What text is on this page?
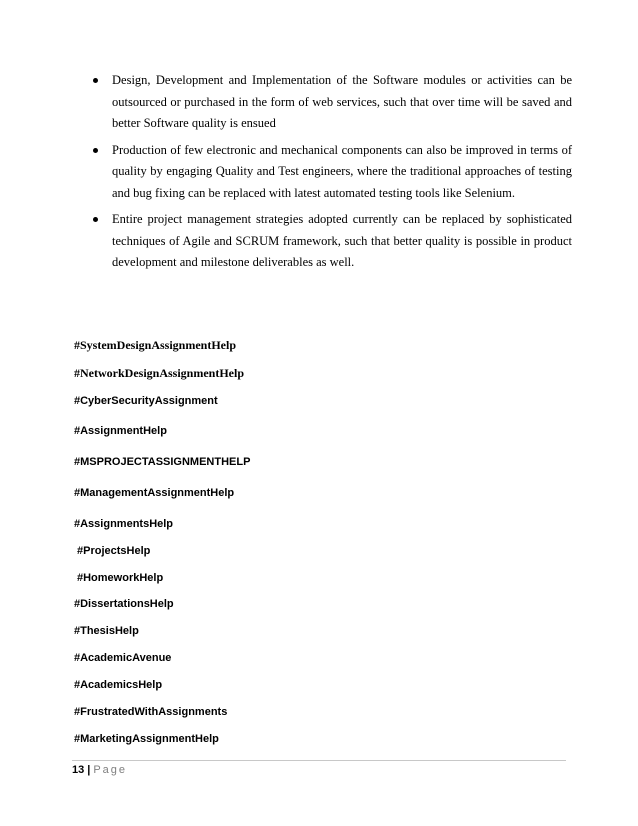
Design, Development and Implementation of the Software modules or activities can be outsourced or purchased in the form of web services, such that over time will be saved and better Software quality is ensued
Production of few electronic and mechanical components can also be improved in terms of quality by engaging Quality and Test engineers, where the traditional approaches of testing and bug fixing can be replaced with latest automated testing tools like Selenium.
Entire project management strategies adopted currently can be replaced by sophisticated techniques of Agile and SCRUM framework, such that better quality is possible in product development and milestone deliverables as well.
#SystemDesignAssignmentHelp
#NetworkDesignAssignmentHelp
#CyberSecurityAssignment
#AssignmentHelp
#MSPROJECTASSIGNMENTHELP
#ManagementAssignmentHelp
#AssignmentsHelp
#ProjectsHelp
#HomeworkHelp
#DissertationsHelp
#ThesisHelp
#AcademicAvenue
#AcademicsHelp
#FrustratedWithAssignments
#MarketingAssignmentHelp
13 | Page
